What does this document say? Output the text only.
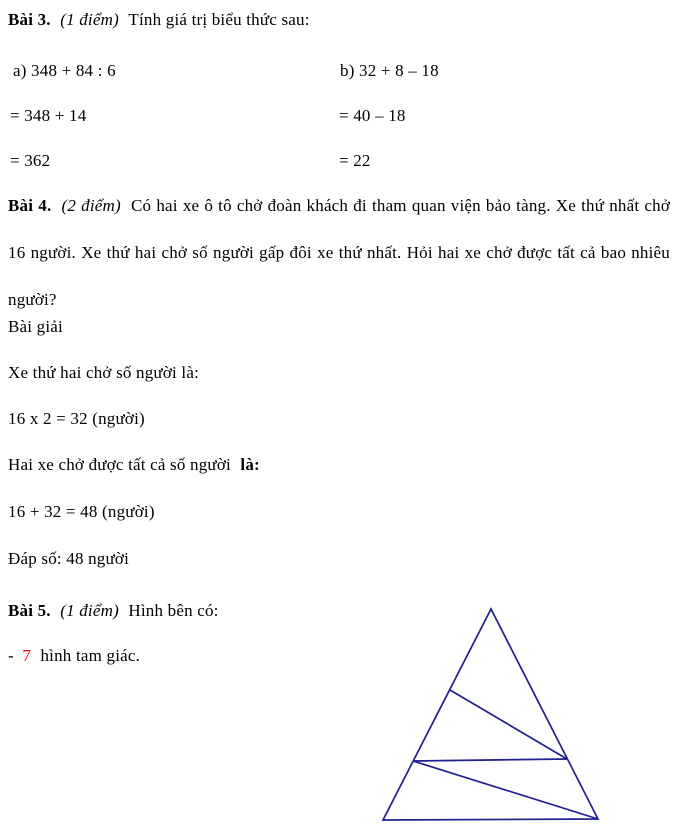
Bài 3. (1 điểm) Tính giá trị biểu thức sau:
a) 348 + 84 : 6	b) 32 + 8 – 18
= 348 + 14	= 40 – 18
= 362	= 22
Bài 4. (2 điểm) Có hai xe ô tô chở đoàn khách đi tham quan viện bảo tàng. Xe thứ nhất chở 16 người. Xe thứ hai chở số người gấp đôi xe thứ nhất. Hỏi hai xe chở được tất cả bao nhiêu người?
Bài giải
Xe thứ hai chở số người là:
16 x 2 = 32 (người)
Hai xe chở được tất cả số người là:
16 + 32 = 48 (người)
Đáp số: 48 người
Bài 5. (1 điểm) Hình bên có:
- 7 hình tam giác.
